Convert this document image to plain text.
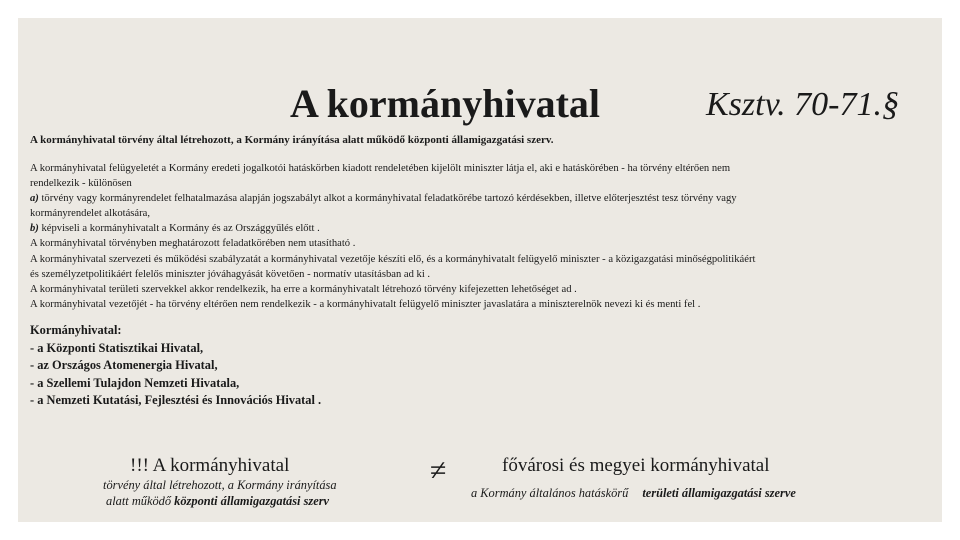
A kormányhivatal	Ksztv. 70-71.§
A kormányhivatal törvény által létrehozott, a Kormány irányítása alatt működő központi államigazgatási szerv.
A kormányhivatal felügyeletét a Kormány eredeti jogalkotói hatáskörben kiadott rendeletében kijelölt miniszter látja el, aki e hatáskörében - ha törvény eltérően nem
rendelkezik - különösen
a) törvény vagy kormányrendelet felhatalmazása alapján jogszabályt alkot a kormányhivatal feladatkörébe tartozó kérdésekben, illetve előterjesztést tesz törvény vagy
kormányrendelet alkotására,
b) képviseli a kormányhivatalt a Kormány és az Országgyűlés előtt .
A kormányhivatal törvényben meghatározott feladatkörében nem utasítható .
A kormányhivatal szervezeti és működési szabályzatát a kormányhivatal vezetője készíti elő, és a kormányhivatalt felügyelő miniszter - a közigazgatási minőségpolitikáért
és személyzetpolitikáért felelős miniszter jóváhagyását követően - normatív utasításban ad ki .
A kormányhivatal területi szervekkel akkor rendelkezik, ha erre a kormányhivatalt létrehozó törvény kifejezetten lehetőséget ad .
A kormányhivatal vezetőjét - ha törvény eltérően nem rendelkezik - a kormányhivatalt felügyelő miniszter javaslatára a miniszterelnök nevezi ki és menti fel .
Kormányhivatal:
- a Központi Statisztikai Hivatal,
- az Országos Atomenergia Hivatal,
- a Szellemi Tulajdon Nemzeti Hivatala,
- a Nemzeti Kutatási, Fejlesztési és Innovációs Hivatal .
!!! A kormányhivatal
törvény által létrehozott, a Kormány irányítása
alatt működő központi államigazgatási szerv
≠	fővárosi és megyei kormányhivatal
a Kormány általános hatáskörű területi államigazgatási szerve
